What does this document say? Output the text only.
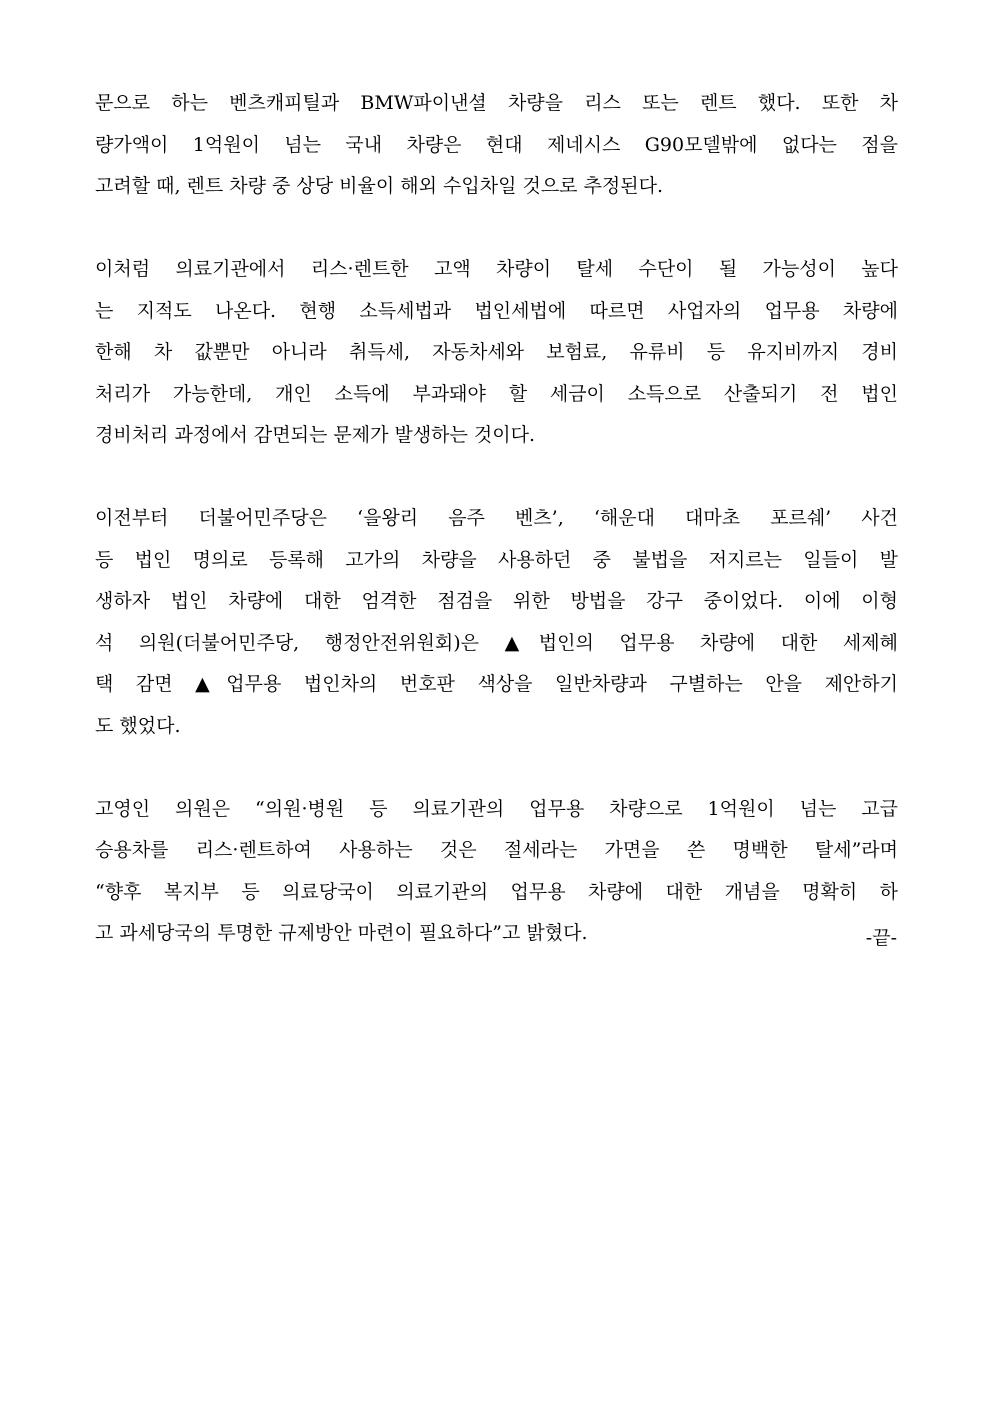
문으로 하는 벤츠캐피틸과 BMW파이낸셜 차량을 리스 또는 렌트 했다. 또한 차
량가액이 1억원이 넘는 국내 차량은 현대 제네시스 G90모델밖에 없다는 점을
고려할 때, 렌트 차량 중 상당 비율이 해외 수입차일 것으로 추정된다.

이처럼 의료기관에서 리스·렌트한 고액 차량이 탈세 수단이 될 가능성이 높다
는 지적도 나온다. 현행 소득세법과 법인세법에 따르면 사업자의 업무용 차량에
한해 차 값뿐만 아니라 취득세, 자동차세와 보험료, 유류비 등 유지비까지 경비
처리가 가능한데, 개인 소득에 부과돼야 할 세금이 소득으로 산출되기 전 법인
경비처리 과정에서 감면되는 문제가 발생하는 것이다.

이전부터 더불어민주당은 ‘을왕리 음주 벤츠’, ‘해운대 대마초 포르쉐’ 사건
등 법인 명의로 등록해 고가의 차량을 사용하던 중 불법을 저지르는 일들이 발
생하자 법인 차량에 대한 엄격한 점검을 위한 방법을 강구 중이었다. 이에 이형
석 의원(더불어민주당, 행정안전위원회)은 ▲법인의 업무용 차량에 대한 세제혜
택 감면 ▲업무용 법인차의 번호판 색상을 일반차량과 구별하는 안을 제안하기
도 했었다.

고영인 의원은 “의원·병원 등 의료기관의 업무용 차량으로 1억원이 넘는 고급
승용차를 리스·렌트하여 사용하는 것은 절세라는 가면을 쓴 명백한 탈세”라며
“향후 복지부 등 의료당국이 의료기관의 업무용 차량에 대한 개념을 명확히 하
고 과세당국의 투명한 규제방안 마련이 필요하다”고 밝혔다.	-끝-
